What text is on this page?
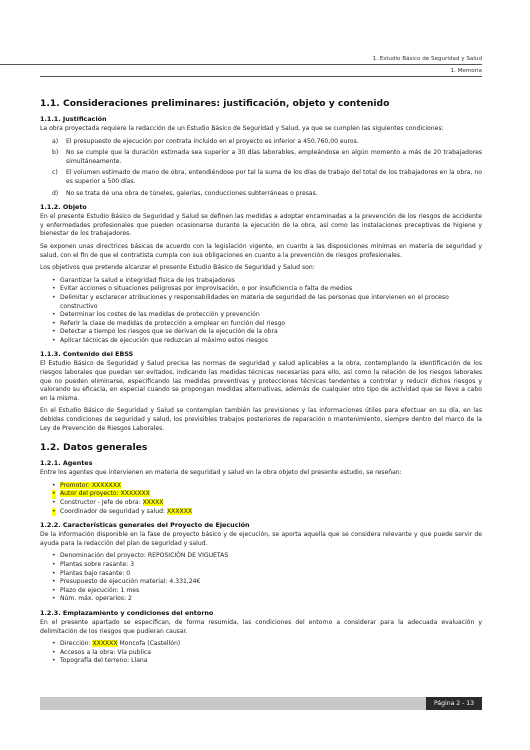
1. Estudio Básico de Seguridad y Salud
1. Memoria
1.1. Consideraciones preliminares: justificación, objeto y contenido
1.1.1. Justificación

La obra proyectada requiere la redacción de un Estudio Básico de Seguridad y Salud, ya que se cumplen las siguientes condiciones:

a) El presupuesto de ejecución por contrata incluido en el proyecto es inferior a 450.760,00 euros.
b) No se cumple que la duración estimada sea superior a 30 días laborables, empleándose en algún momento a más de 20 trabajadores simultáneamente.
c) El volumen estimado de mano de obra, entendiéndose por tal la suma de los días de trabajo del total de los trabajadores en la obra, no es superior a 500 días.
d) No se trata de una obra de túneles, galerías, conducciones subterráneas o presas.
1.1.2. Objeto

En el presente Estudio Básico de Seguridad y Salud se definen las medidas a adoptar encaminadas a la prevención de los riesgos de accidente y enfermedades profesionales que pueden ocasionarse durante la ejecución de la obra, así como las instalaciones preceptivas de higiene y bienestar de los trabajadores.

Se exponen unas directrices básicas de acuerdo con la legislación vigente, en cuanto a las disposiciones mínimas en materia de seguridad y salud, con el fin de que el contratista cumpla con sus obligaciones en cuanto a la prevención de riesgos profesionales.

Los objetivos que pretende alcanzar el presente Estudio Básico de Seguridad y Salud son:

• Garantizar la salud e integridad física de los trabajadores
• Evitar acciones o situaciones peligrosas por improvisación, o por insuficiencia o falta de medios
• Delimitar y esclarecer atribuciones y responsabilidades en materia de seguridad de las personas que intervienen en el proceso constructivo
• Determinar los costes de las medidas de protección y prevención
• Referir la clase de medidas de protección a emplear en función del riesgo
• Detectar a tiempo los riesgos que se derivan de la ejecución de la obra
• Aplicar técnicas de ejecución que reduzcan al máximo estos riesgos
1.1.3. Contenido del EBSS

El Estudio Básico de Seguridad y Salud precisa las normas de seguridad y salud aplicables a la obra, contemplando la identificación de los riesgos laborales que puedan ser evitados, indicando las medidas técnicas necesarias para ello, así como la relación de los riesgos laborales que no pueden eliminarse, especificando las medidas preventivas y protecciones técnicas tendentes a controlar y reducir dichos riesgos y valorando su eficacia, en especial cuando se propongan medidas alternativas, además de cualquier otro tipo de actividad que se lleve a cabo en la misma.

En el Estudio Básico de Seguridad y Salud se contemplan también las previsiones y las informaciones útiles para efectuar en su día, en las debidas condiciones de seguridad y salud, los previsibles trabajos posteriores de reparación o mantenimiento, siempre dentro del marco de la Ley de Prevención de Riesgos Laborales.

1.2. Datos generales
1.2.1. Agentes

Entre los agentes que intervienen en materia de seguridad y salud en la obra objeto del presente estudio, se reseñan:

• Promotor: XXXXXXX
• Autor del proyecto: XXXXXXX
• Constructor - Jefe de obra: XXXXX
• Coordinador de seguridad y salud: XXXXXX
1.2.2. Características generales del Proyecto de Ejecución

De la información disponible en la fase de proyecto básico y de ejecución, se aporta aquella que se considera relevante y que puede servir de ayuda para la redacción del plan de seguridad y salud.

• Denominación del proyecto: REPOSICIÓN DE VIGUETAS
• Plantas sobre rasante: 3
• Plantas bajo rasante: 0
• Presupuesto de ejecución material: 4.331,24€
• Plazo de ejecución: 1 mes
• Núm. máx. operarios: 2
1.2.3. Emplazamiento y condiciones del entorno

En el presente apartado se especifican, de forma resumida, las condiciones del entorno a considerar para la adecuada evaluación y delimitación de los riesgos que pudieran causar.

• Dirección: XXXXXX Moncofa (Castellón)
• Accesos a la obra: Vía publica
• Topografía del terreno: Llana
Página 2 - 13
